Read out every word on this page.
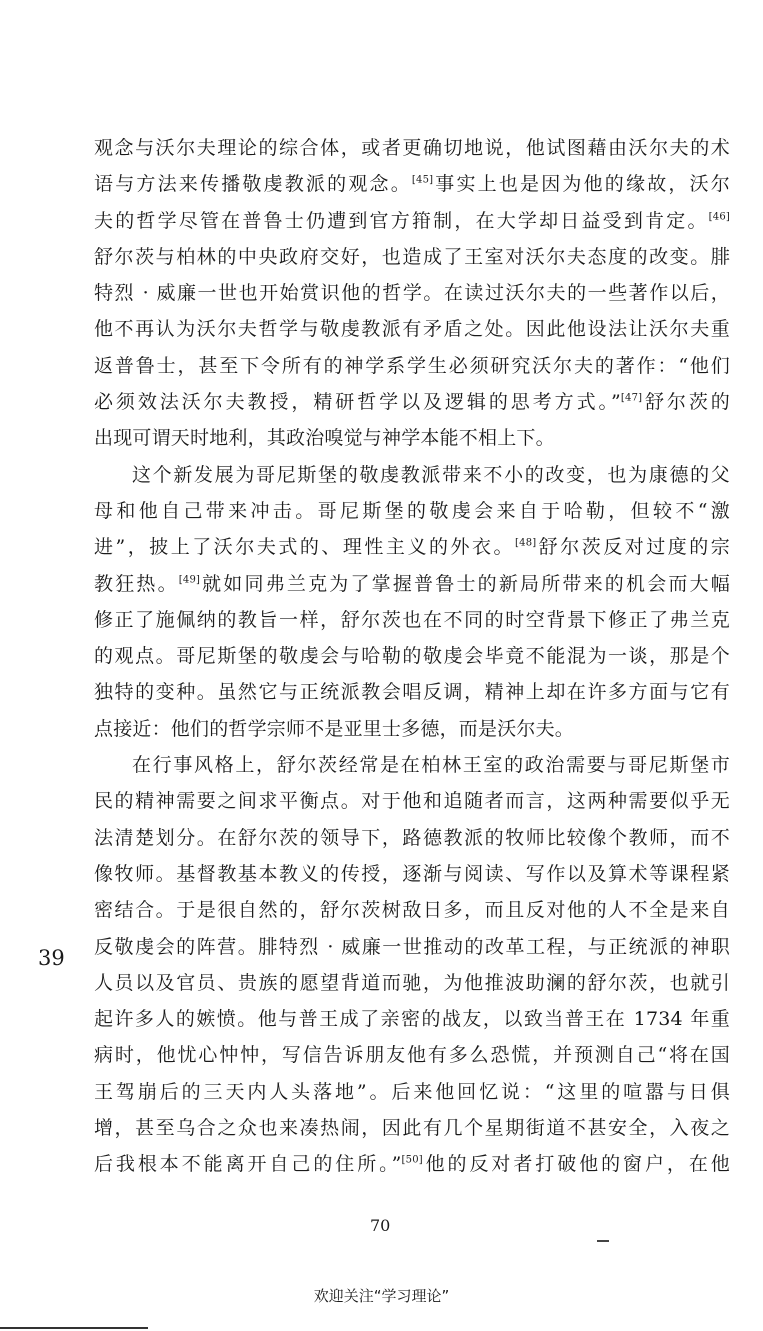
观念与沃尔夫理论的综合体，或者更确切地说，他试图藉由沃尔夫的术
语与方法来传播敬虔教派的观念。[45]事实上也是因为他的缘故，沃尔
夫的哲学尽管在普鲁士仍遭到官方箝制，在大学却日益受到肯定。[46]
舒尔茨与柏林的中央政府交好，也造成了王室对沃尔夫态度的改变。腓
特烈 · 威廉一世也开始赏识他的哲学。在读过沃尔夫的一些著作以后，
他不再认为沃尔夫哲学与敬虔教派有矛盾之处。因此他设法让沃尔夫重
返普鲁士，甚至下令所有的神学系学生必须研究沃尔夫的著作：“他们
必须效法沃尔夫教授，精研哲学以及逻辑的思考方式。”[47]舒尔茨的
出现可谓天时地利，其政治嗅觉与神学本能不相上下。
这个新发展为哥尼斯堡的敬虔教派带来不小的改变，也为康德的父
母和他自己带来冲击。哥尼斯堡的敬虔会来自于哈勒，但较不“激
进”，披上了沃尔夫式的、理性主义的外衣。[48]舒尔茨反对过度的宗
教狂热。[49]就如同弗兰克为了掌握普鲁士的新局所带来的机会而大幅
修正了施佩纳的教旨一样，舒尔茨也在不同的时空背景下修正了弗兰克
的观点。哥尼斯堡的敬虔会与哈勒的敬虔会毕竟不能混为一谈，那是个
独特的变种。虽然它与正统派教会唱反调，精神上却在许多方面与它有
点接近：他们的哲学宗师不是亚里士多德，而是沃尔夫。
在行事风格上，舒尔茨经常是在柏林王室的政治需要与哥尼斯堡市
民的精神需要之间求平衡点。对于他和追随者而言，这两种需要似乎无
法清楚划分。在舒尔茨的领导下，路德教派的牧师比较像个教师，而不
像牧师。基督教基本教义的传授，逐渐与阅读、写作以及算术等课程紧
密结合。于是很自然的，舒尔茨树敌日多，而且反对他的人不全是来自
反敬虔会的阵营。腓特烈 · 威廉一世推动的改革工程，与正统派的神职
人员以及官员、贵族的愿望背道而驰，为他推波助澜的舒尔茨，也就引
起许多人的嫉愤。他与普王成了亲密的战友，以致当普王在 1734 年重
病时，他忧心忡忡，写信告诉朋友他有多么恐慌，并预测自己“将在国
王驾崩后的三天内人头落地”。后来他回忆说：“这里的喧嚣与日俱
增，甚至乌合之众也来凑热闹，因此有几个星期街道不甚安全，入夜之
后我根本不能离开自己的住所。”[50]他的反对者打破他的窗户，在他
39
70
欢迎关注“学习理论”
